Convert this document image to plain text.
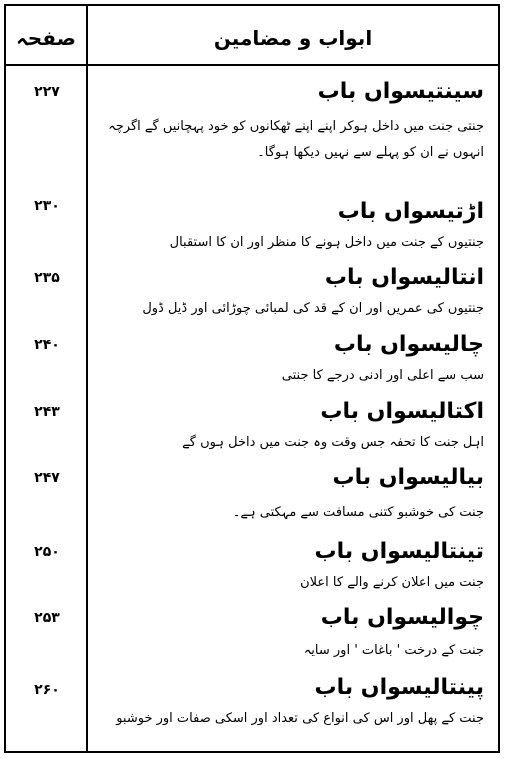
صفحہ	ابواب و مضامین
۲۲۷	سینتیسواں باب
جنتی جنت میں داخل ہوکر اپنے اپنے ٹھکانوں کو خود پہچانیں گے اگرچہ
انہوں نے ان کو پہلے سے نہیں دیکھا ہوگا۔
۲۳۰	اڑتیسواں باب
جنتیوں کے جنت میں داخل ہونے کا منظر اور ان کا استقبال
۲۳۵	انتالیسواں باب
جنتیوں کی عمریں اور ان کے قد کی لمبائی چوڑائی اور ڈیل ڈول
۲۴۰	چالیسواں باب
سب سے اعلی اور ادنی درجے کا جنتی
۲۴۳	اکتالیسواں باب
اہل جنت کا تحفہ جس وقت وہ جنت میں داخل ہوں گے
۲۴۷	بیالیسواں باب
جنت کی خوشبو کتنی مسافت سے مہکتی ہے۔
۲۵۰	تینتالیسواں باب
جنت میں اعلان کرنے والے کا اعلان
۲۵۳	چوالیسواں باب
جنت کے درخت ' باغات ' اور سایہ
۲۶۰	پینتالیسواں باب
جنت کے پھل اور اس کی انواع کی تعداد اور اسکی صفات اور خوشبو
